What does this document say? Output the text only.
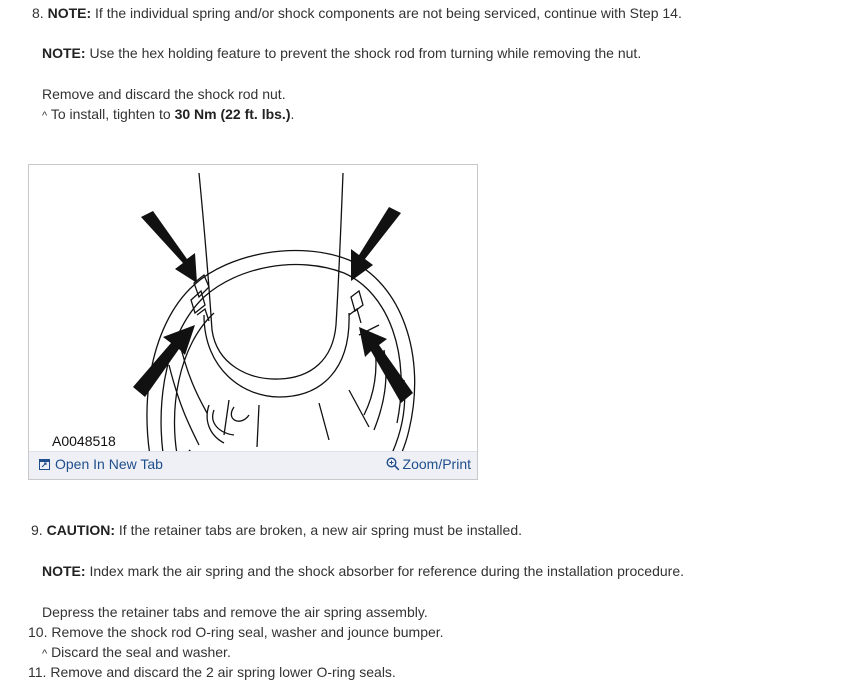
8. NOTE: If the individual spring and/or shock components are not being serviced, continue with Step 14.
NOTE: Use the hex holding feature to prevent the shock rod from turning while removing the nut.
Remove and discard the shock rod nut.
^ To install, tighten to 30 Nm (22 ft. lbs.).
A0048518
Open In New Tab	Zoom/Print
9. CAUTION: If the retainer tabs are broken, a new air spring must be installed.
NOTE: Index mark the air spring and the shock absorber for reference during the installation procedure.
Depress the retainer tabs and remove the air spring assembly.
10. Remove the shock rod O-ring seal, washer and jounce bumper.
^ Discard the seal and washer.
11. Remove and discard the 2 air spring lower O-ring seals.
